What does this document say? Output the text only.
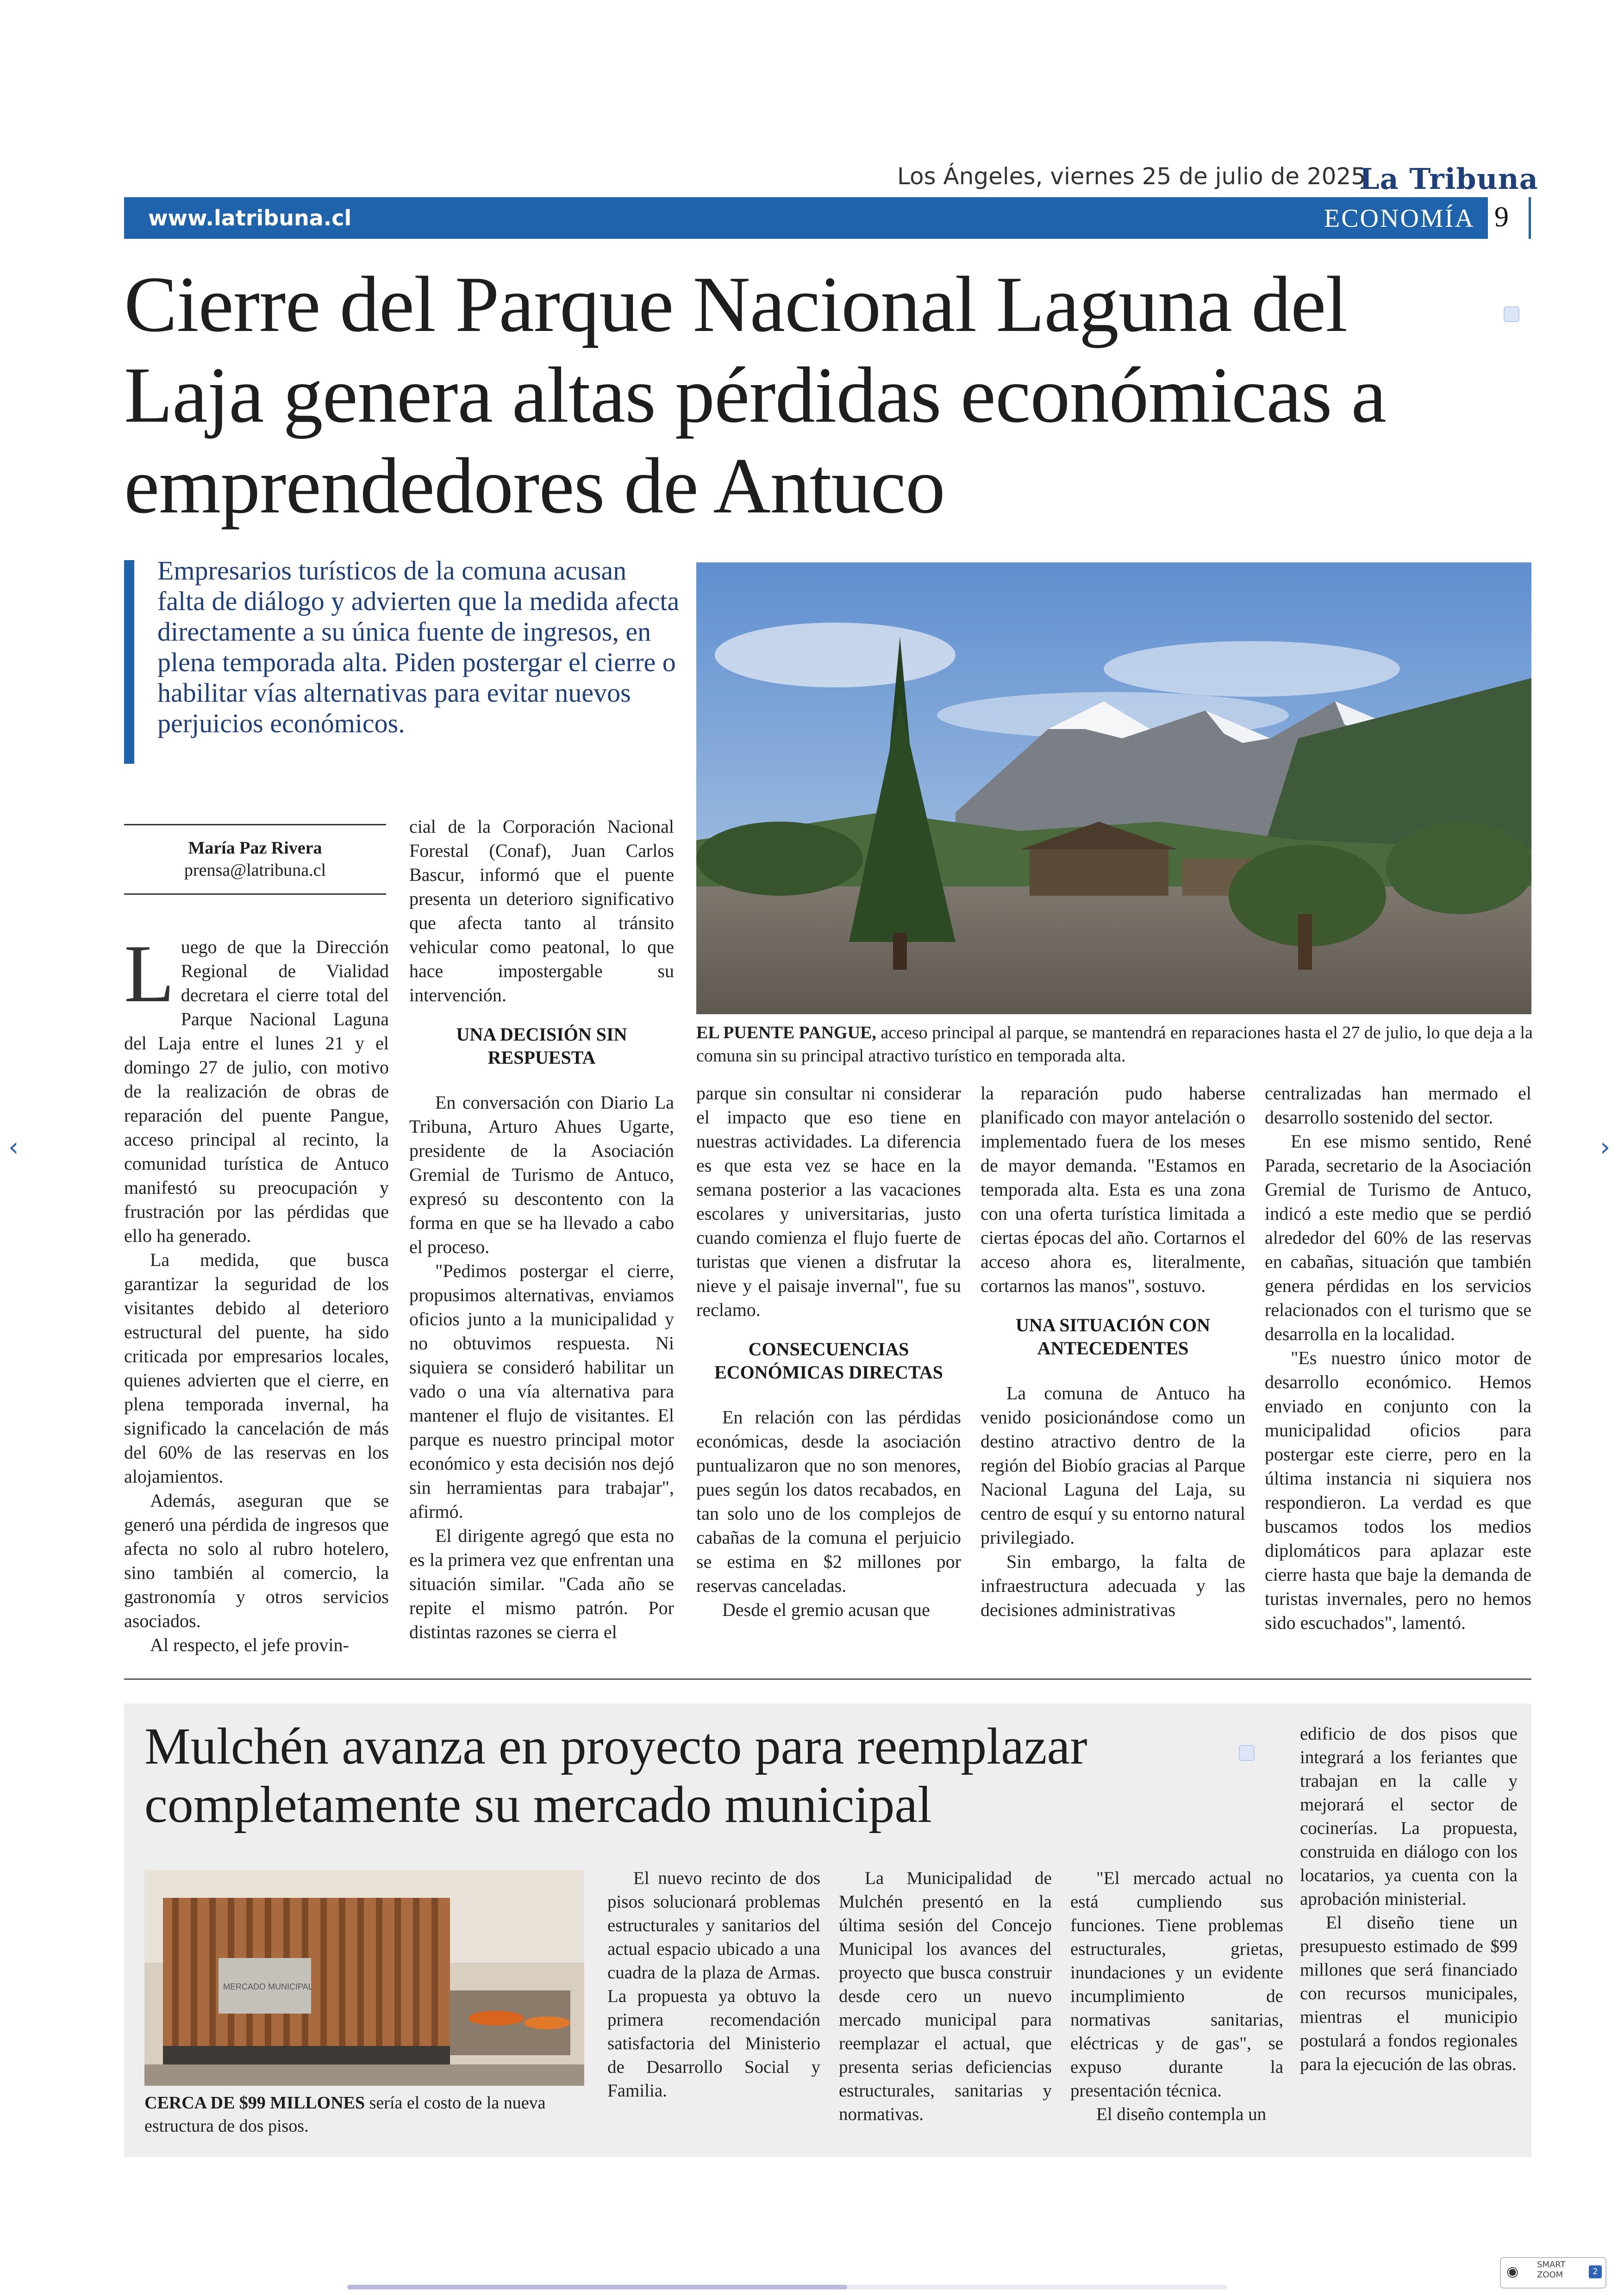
Los Ángeles, viernes 25 de julio de 2025
La Tribuna
www.latribuna.cl	ECONOMÍA 9
Cierre del Parque Nacional Laguna del Laja genera altas pérdidas económicas a emprendedores de Antuco
Empresarios turísticos de la comuna acusan falta de diálogo y advierten que la medida afecta directamente a su única fuente de ingresos, en plena temporada alta. Piden postergar el cierre o habilitar vías alternativas para evitar nuevos perjuicios económicos.
EL PUENTE PANGUE, acceso principal al parque, se mantendrá en reparaciones hasta el 27 de julio, lo que deja a la comuna sin su principal atractivo turístico en temporada alta.
María Paz Rivera
prensa@latribuna.cl

Luego de que la Dirección Regional de Vialidad decretara el cierre total del Parque Nacional Laguna del Laja entre el lunes 21 y el domingo 27 de julio, con motivo de la realización de obras de reparación del puente Pangue, acceso principal al recinto, la comunidad turística de Antuco manifestó su preocupación y frustración por las pérdidas que ello ha generado.

La medida, que busca garantizar la seguridad de los visitantes debido al deterioro estructural del puente, ha sido criticada por empresarios locales, quienes advierten que el cierre, en plena temporada invernal, ha significado la cancelación de más del 60% de las reservas en los alojamientos.

Además, aseguran que se generó una pérdida de ingresos que afecta no solo al rubro hotelero, sino también al comercio, la gastronomía y otros servicios asociados.

Al respecto, el jefe provin-

cial de la Corporación Nacional Forestal (Conaf), Juan Carlos Bascur, informó que el puente presenta un deterioro significativo que afecta tanto al tránsito vehicular como peatonal, lo que hace impostergable su intervención.

UNA DECISIÓN SIN RESPUESTA

En conversación con Diario La Tribuna, Arturo Ahues Ugarte, presidente de la Asociación Gremial de Turismo de Antuco, expresó su descontento con la forma en que se ha llevado a cabo el proceso.

"Pedimos postergar el cierre, propusimos alternativas, enviamos oficios junto a la municipalidad y no obtuvimos respuesta. Ni siquiera se consideró habilitar un vado o una vía alternativa para mantener el flujo de visitantes. El parque es nuestro principal motor económico y esta decisión nos dejó sin herramientas para trabajar", afirmó.

El dirigente agregó que esta no es la primera vez que enfrentan una situación similar. "Cada año se repite el mismo patrón. Por distintas razones se cierra el

parque sin consultar ni considerar el impacto que eso tiene en nuestras actividades. La diferencia es que esta vez se hace en la semana posterior a las vacaciones escolares y universitarias, justo cuando comienza el flujo fuerte de turistas que vienen a disfrutar la nieve y el paisaje invernal", fue su reclamo.

CONSECUENCIAS ECONÓMICAS DIRECTAS

En relación con las pérdidas económicas, desde la asociación puntualizaron que no son menores, pues según los datos recabados, en tan solo uno de los complejos de cabañas de la comuna el perjuicio se estima en $2 millones por reservas canceladas.

Desde el gremio acusan que

la reparación pudo haberse planificado con mayor antelación o implementado fuera de los meses de mayor demanda. "Estamos en temporada alta. Esta es una zona con una oferta turística limitada a ciertas épocas del año. Cortarnos el acceso ahora es, literalmente, cortarnos las manos", sostuvo.

UNA SITUACIÓN CON ANTECEDENTES

La comuna de Antuco ha venido posicionándose como un destino atractivo dentro de la región del Biobío gracias al Parque Nacional Laguna del Laja, su centro de esquí y su entorno natural privilegiado.

Sin embargo, la falta de infraestructura adecuada y las decisiones administrativas

centralizadas han mermado el desarrollo sostenido del sector.

En ese mismo sentido, René Parada, secretario de la Asociación Gremial de Turismo de Antuco, indicó a este medio que se perdió alrededor del 60% de las reservas en cabañas, situación que también genera pérdidas en los servicios relacionados con el turismo que se desarrolla en la localidad.

"Es nuestro único motor de desarrollo económico. Hemos enviado en conjunto con la municipalidad oficios para postergar este cierre, pero en la última instancia ni siquiera nos respondieron. La verdad es que buscamos todos los medios diplomáticos para aplazar este cierre hasta que baje la demanda de turistas invernales, pero no hemos sido escuchados", lamentó.

Mulchén avanza en proyecto para reemplazar completamente su mercado municipal
MERCADO MUNICIPAL
CERCA DE $99 MILLONES sería el costo de la nueva estructura de dos pisos.

El nuevo recinto de dos pisos solucionará problemas estructurales y sanitarios del actual espacio ubicado a una cuadra de la plaza de Armas. La propuesta ya obtuvo la primera recomendación satisfactoria del Ministerio de Desarrollo Social y Familia.

La Municipalidad de Mulchén presentó en la última sesión del Concejo Municipal los avances del proyecto que busca construir desde cero un nuevo mercado municipal para reemplazar el actual, que presenta serias deficiencias estructurales, sanitarias y normativas.

"El mercado actual no está cumpliendo sus funciones. Tiene problemas estructurales, grietas, inundaciones y un evidente incumplimiento de normativas sanitarias, eléctricas y de gas", se expuso durante la presentación técnica.

El diseño contempla un

edificio de dos pisos que integrará a los feriantes que trabajan en la calle y mejorará el sector de cocinerías. La propuesta, construida en diálogo con los locatarios, ya cuenta con la aprobación ministerial.

El diseño tiene un presupuesto estimado de $99 millones que será financiado con recursos municipales, mientras el municipio postulará a fondos regionales para la ejecución de las obras.

‹	›
◉ SMART ZOOM	2
